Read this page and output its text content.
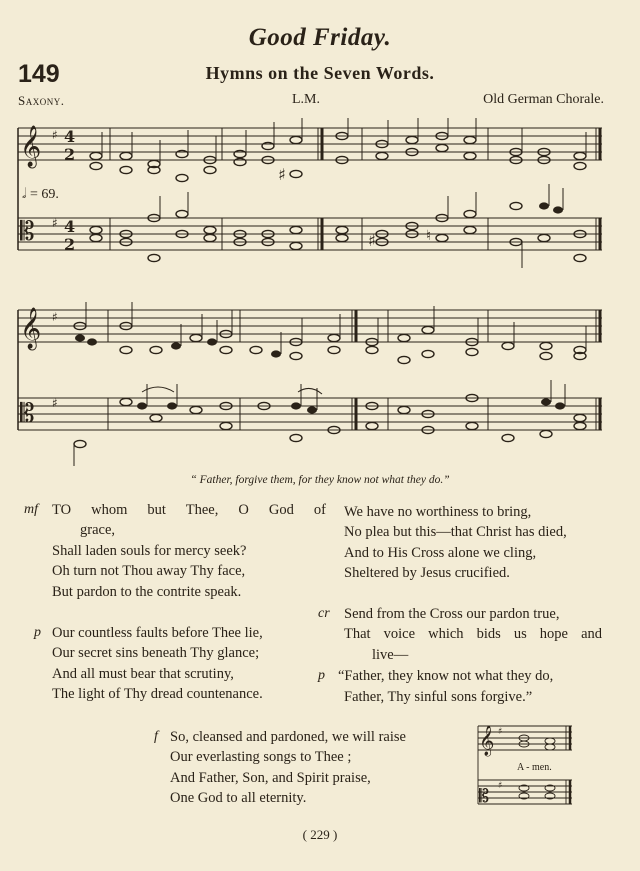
Good Friday.
149	Hymns on the Seven Words.
Saxony.	L.M.	Old German Chorale.
𝄞
𝄡
♯
♯
4
2
4
2
♯
♯	♮
𝅗𝅥 = 69.
𝄞
𝄡
♯
♯
“ Father, forgive them, for they know not what they do.”
mf TO whom but Thee, O God of
grace,
Shall laden souls for mercy seek?
Oh turn not Thou away Thy face,
But pardon to the contrite speak.
p Our countless faults before Thee lie,
Our secret sins beneath Thy glance;
And all must bear that scrutiny,
The light of Thy dread countenance.
We have no worthiness to bring,
No plea but this—that Christ has died,
And to His Cross alone we cling,
Sheltered by Jesus crucified.
cr Send from the Cross our pardon true,
That voice which bids us hope and
live—
p “Father, they know not what they do,
Father, Thy sinful sons forgive.”
f So, cleansed and pardoned, we will raise
Our everlasting songs to Thee ;
And Father, Son, and Spirit praise,
One God to all eternity.
𝄞
𝄡
♯
♯
A - men.
( 229 )
